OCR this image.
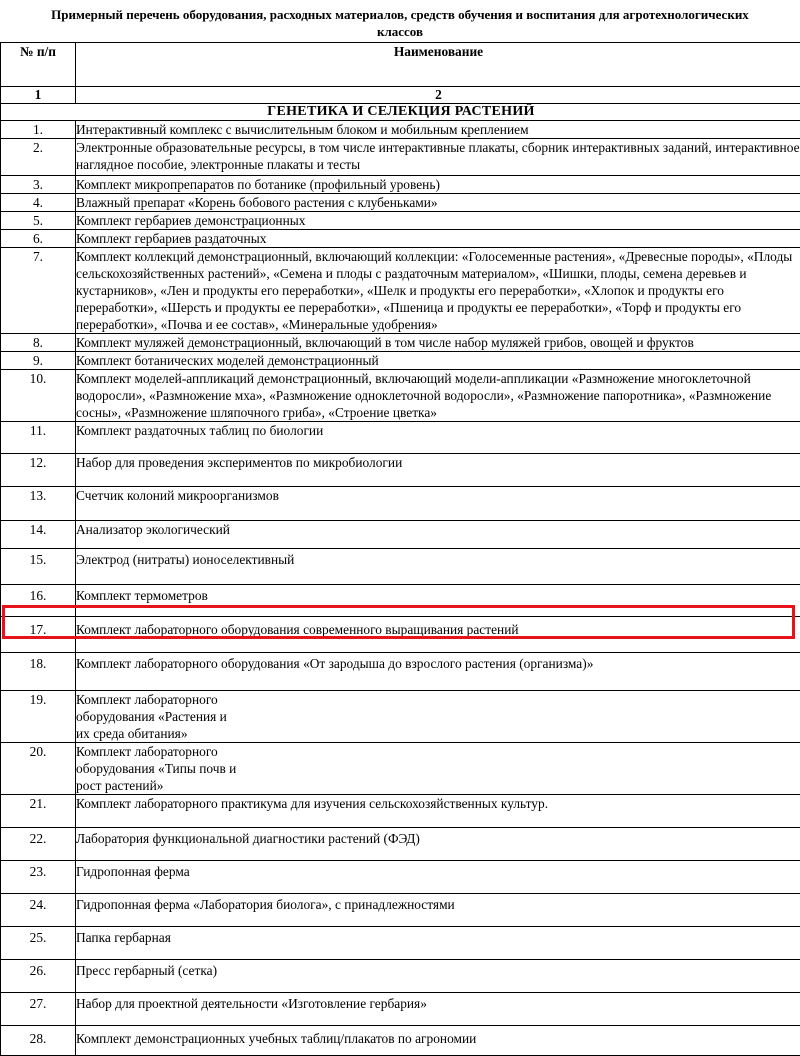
Примерный перечень оборудования, расходных материалов, средств обучения и воспитания для агротехнологических
классов
№ п/п	Наименование
1	2
ГЕНЕТИКА И СЕЛЕКЦИЯ РАСТЕНИЙ	
1.	Интерактивный комплекс с вычислительным блоком и мобильным креплением
2.	Электронные образовательные ресурсы, в том числе интерактивные плакаты, сборник интерактивных заданий, интерактивное наглядное пособие, электронные плакаты и тесты
3.	Комплект микропрепаратов по ботанике (профильный уровень)
4.	Влажный препарат «Корень бобового растения с клубеньками»
5.	Комплект гербариев демонстрационных
6.	Комплект гербариев раздаточных
7.	Комплект коллекций демонстрационный, включающий коллекции: «Голосеменные растения», «Древесные породы», «Плоды сельскохозяйственных растений», «Семена и плоды с раздаточным материалом», «Шишки, плоды, семена деревьев и кустарников», «Лен и продукты его переработки», «Шелк и продукты его переработки», «Хлопок и продукты его переработки», «Шерсть и продукты ее переработки», «Пшеница и продукты ее переработки», «Торф и продукты его переработки», «Почва и ее состав», «Минеральные удобрения»
8.	Комплект муляжей демонстрационный, включающий в том числе набор муляжей грибов, овощей и фруктов
9.	Комплект ботанических моделей демонстрационный
10.	Комплект моделей-аппликаций демонстрационный, включающий модели-аппликации «Размножение многоклеточной водоросли», «Размножение мха», «Размножение одноклеточной водоросли», «Размножение папоротника», «Размножение сосны», «Размножение шляпочного гриба», «Строение цветка»
11.	Комплект раздаточных таблиц по биологии
12.	Набор для проведения экспериментов по микробиологии
13.	Счетчик колоний микроорганизмов
14.	Анализатор экологический
15.	Электрод (нитраты) ионоселективный
16.	Комплект термометров
17.	Комплект лабораторного оборудования современного выращивания растений
18.	Комплект лабораторного оборудования «От зародыша до взрослого растения (организма)»
19.	Комплект лабораторного оборудования «Растения и их среда обитания»
20.	Комплект лабораторного оборудования «Типы почв и рост растений»
21.	Комплект лабораторного практикума для изучения сельскохозяйственных культур.
22.	Лаборатория функциональной диагностики растений (ФЭД)
23.	Гидропонная ферма
24.	Гидропонная ферма «Лаборатория биолога», с принадлежностями
25.	Папка гербарная
26.	Пресс гербарный (сетка)
27.	Набор для проектной деятельности «Изготовление гербария»
28.	Комплект демонстрационных учебных таблиц/плакатов по агрономии
